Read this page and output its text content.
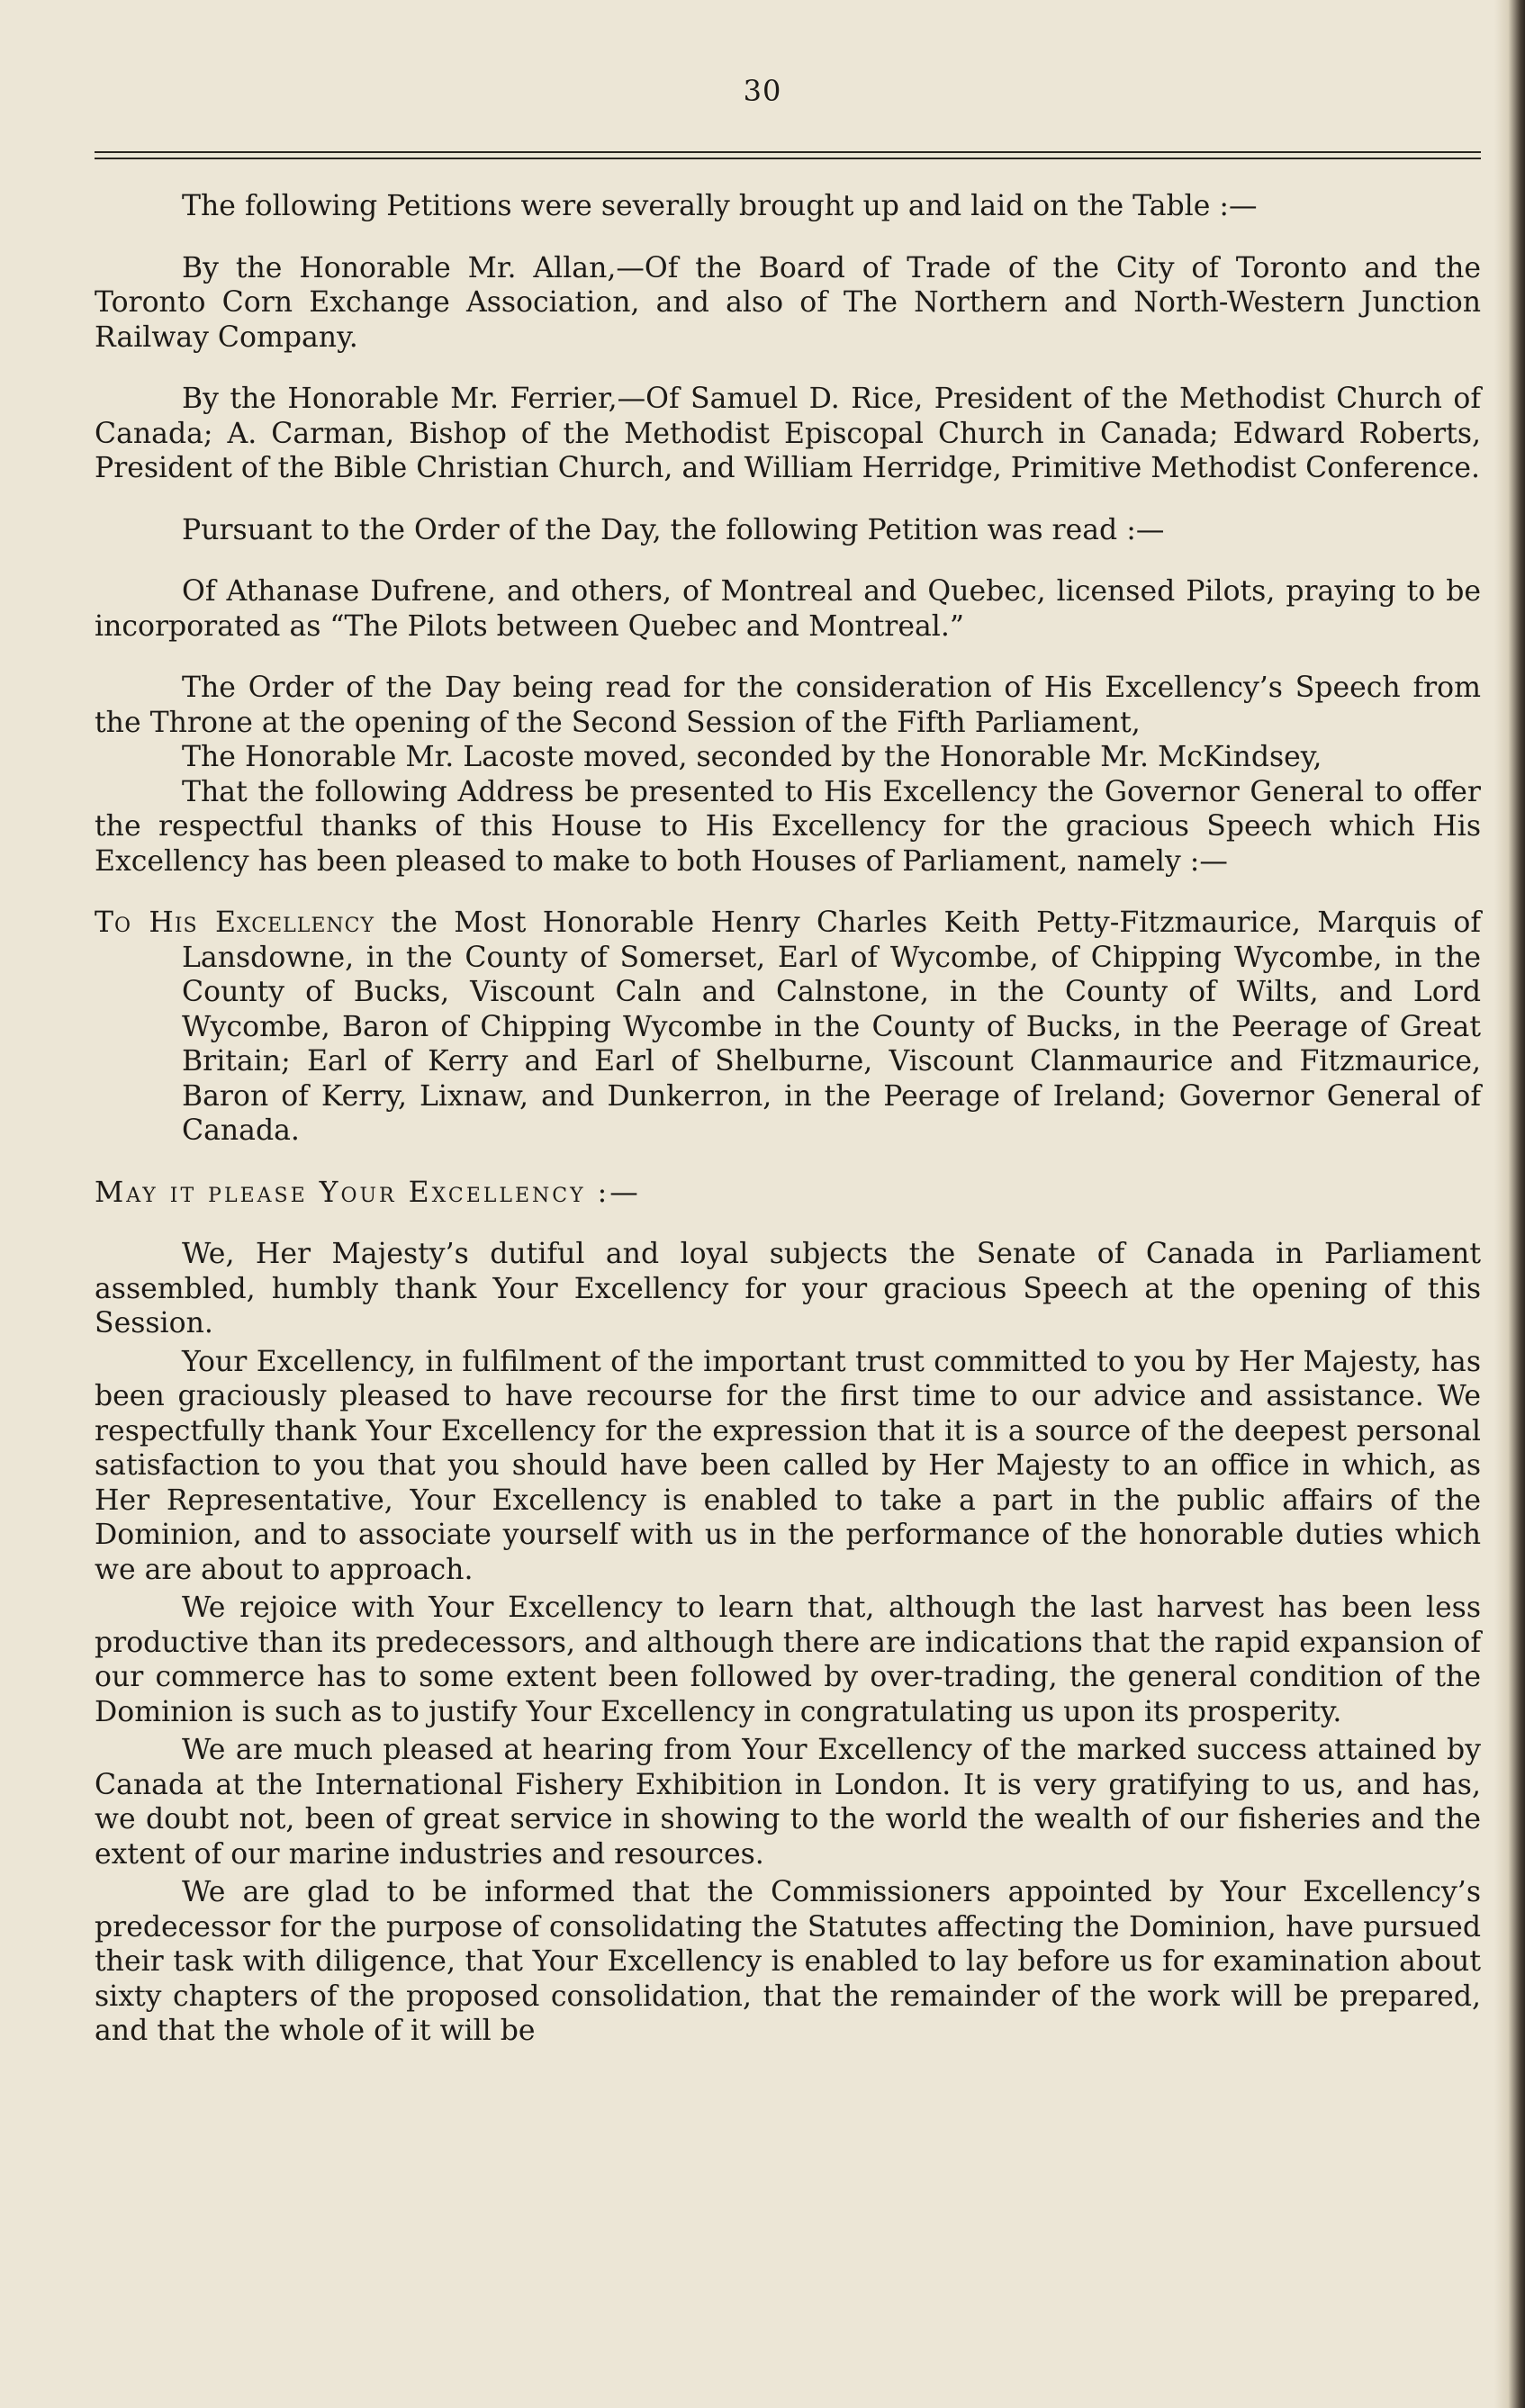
30

The following Petitions were severally brought up and laid on the Table :—

By the Honorable Mr. Allan,—Of the Board of Trade of the City of Toronto and the Toronto Corn Exchange Association, and also of The Northern and North-Western Junction Railway Company.

By the Honorable Mr. Ferrier,—Of Samuel D. Rice, President of the Methodist Church of Canada; A. Carman, Bishop of the Methodist Episcopal Church in Canada; Edward Roberts, President of the Bible Christian Church, and William Herridge, Primitive Methodist Conference.

Pursuant to the Order of the Day, the following Petition was read :—

Of Athanase Dufrene, and others, of Montreal and Quebec, licensed Pilots, praying to be incorporated as “The Pilots between Quebec and Montreal.”

The Order of the Day being read for the consideration of His Excellency’s Speech from the Throne at the opening of the Second Session of the Fifth Parliament,

The Honorable Mr. Lacoste moved, seconded by the Honorable Mr. McKindsey,

That the following Address be presented to His Excellency the Governor General to offer the respectful thanks of this House to His Excellency for the gracious Speech which His Excellency has been pleased to make to both Houses of Parliament, namely :—

To His Excellency the Most Honorable Henry Charles Keith Petty-Fitzmaurice, Marquis of Lansdowne, in the County of Somerset, Earl of Wycombe, of Chipping Wycombe, in the County of Bucks, Viscount Caln and Calnstone, in the County of Wilts, and Lord Wycombe, Baron of Chipping Wycombe in the County of Bucks, in the Peerage of Great Britain; Earl of Kerry and Earl of Shelburne, Viscount Clanmaurice and Fitzmaurice, Baron of Kerry, Lixnaw, and Dunkerron, in the Peerage of Ireland; Governor General of Canada.

May it please Your Excellency :—

We, Her Majesty’s dutiful and loyal subjects the Senate of Canada in Parliament assembled, humbly thank Your Excellency for your gracious Speech at the opening of this Session.

Your Excellency, in fulfilment of the important trust committed to you by Her Majesty, has been graciously pleased to have recourse for the first time to our advice and assistance. We respectfully thank Your Excellency for the expression that it is a source of the deepest personal satisfaction to you that you should have been called by Her Majesty to an office in which, as Her Representative, Your Excellency is enabled to take a part in the public affairs of the Dominion, and to associate yourself with us in the performance of the honorable duties which we are about to approach.

We rejoice with Your Excellency to learn that, although the last harvest has been less productive than its predecessors, and although there are indications that the rapid expansion of our commerce has to some extent been followed by over-trading, the general condition of the Dominion is such as to justify Your Excellency in congratulating us upon its prosperity.

We are much pleased at hearing from Your Excellency of the marked success attained by Canada at the International Fishery Exhibition in London. It is very gratifying to us, and has, we doubt not, been of great service in showing to the world the wealth of our fisheries and the extent of our marine industries and resources.

We are glad to be informed that the Commissioners appointed by Your Excellency’s predecessor for the purpose of consolidating the Statutes affecting the Dominion, have pursued their task with diligence, that Your Excellency is enabled to lay before us for examination about sixty chapters of the proposed consolidation, that the remainder of the work will be prepared, and that the whole of it will be
